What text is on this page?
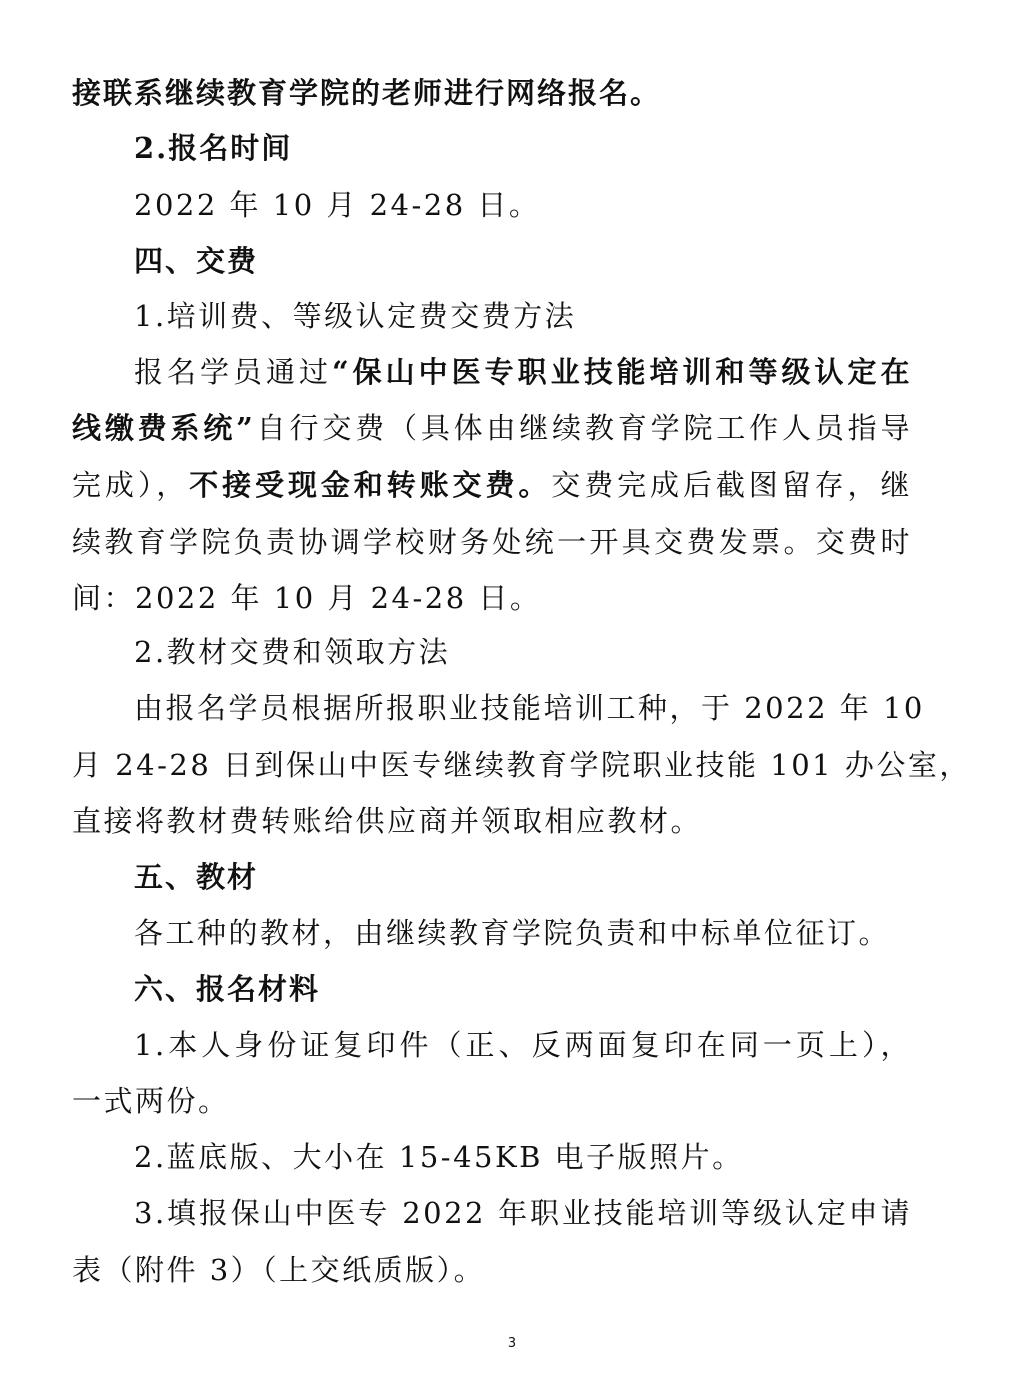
接联系继续教育学院的老师进行网络报名。
2.报名时间
2022 年 10 月 24-28 日。
四、交费
1.培训费、等级认定费交费方法
报名学员通过“保山中医专职业技能培训和等级认定在
线缴费系统”自行交费（具体由继续教育学院工作人员指导
完成），不接受现金和转账交费。交费完成后截图留存，继
续教育学院负责协调学校财务处统一开具交费发票。交费时
间：2022 年 10 月 24-28 日。
2.教材交费和领取方法
由报名学员根据所报职业技能培训工种，于 2022 年 10
月 24-28 日到保山中医专继续教育学院职业技能 101 办公室，
直接将教材费转账给供应商并领取相应教材。
五、教材
各工种的教材，由继续教育学院负责和中标单位征订。
六、报名材料
1.本人身份证复印件（正、反两面复印在同一页上），
一式两份。
2.蓝底版、大小在 15-45KB 电子版照片。
3.填报保山中医专 2022 年职业技能培训等级认定申请
表（附件 3）（上交纸质版）。
3
